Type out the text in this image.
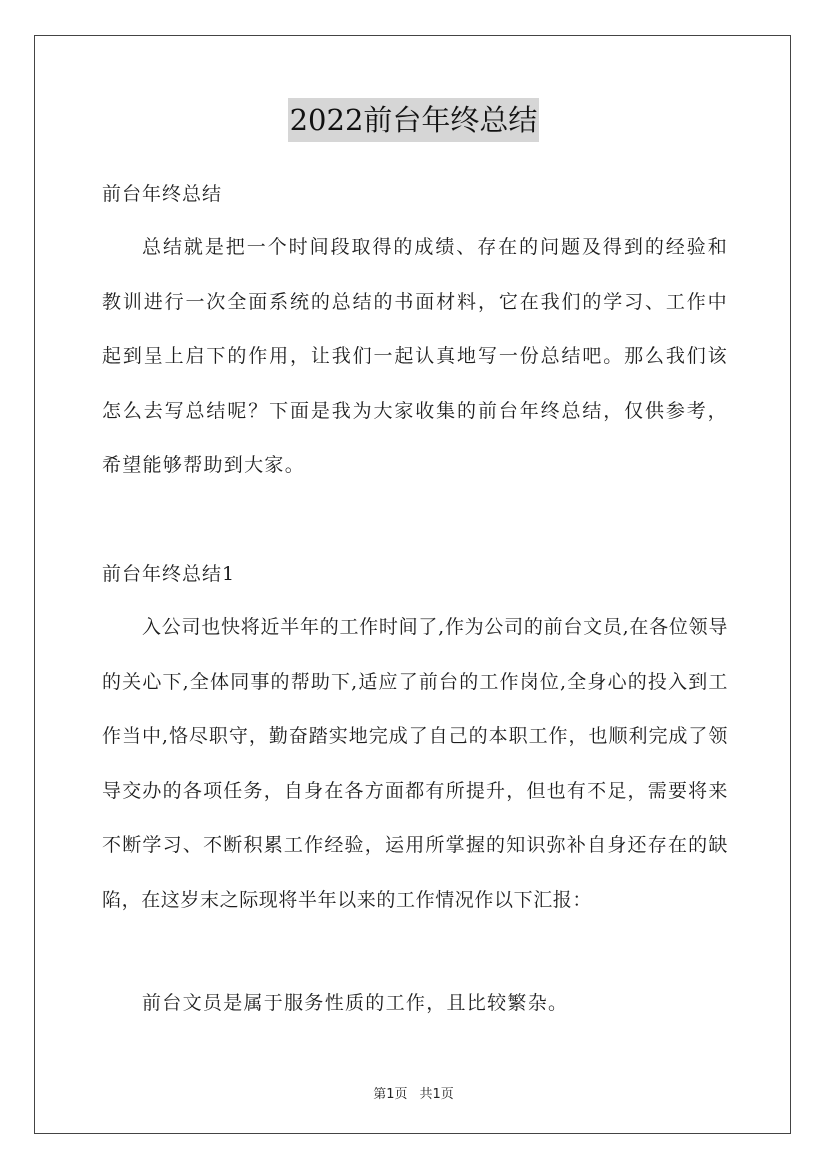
2022前台年终总结
前台年终总结
总结就是把一个时间段取得的成绩、存在的问题及得到的经验和教训进行一次全面系统的总结的书面材料，它在我们的学习、工作中起到呈上启下的作用，让我们一起认真地写一份总结吧。那么我们该怎么去写总结呢？下面是我为大家收集的前台年终总结，仅供参考，希望能够帮助到大家。
前台年终总结1
入公司也快将近半年的工作时间了,作为公司的前台文员,在各位领导的关心下,全体同事的帮助下,适应了前台的工作岗位,全身心的投入到工作当中,恪尽职守，勤奋踏实地完成了自己的本职工作，也顺利完成了领导交办的各项任务，自身在各方面都有所提升，但也有不足，需要将来不断学习、不断积累工作经验，运用所掌握的知识弥补自身还存在的缺陷，在这岁末之际现将半年以来的工作情况作以下汇报：
前台文员是属于服务性质的工作，且比较繁杂。
第1页 共1页
